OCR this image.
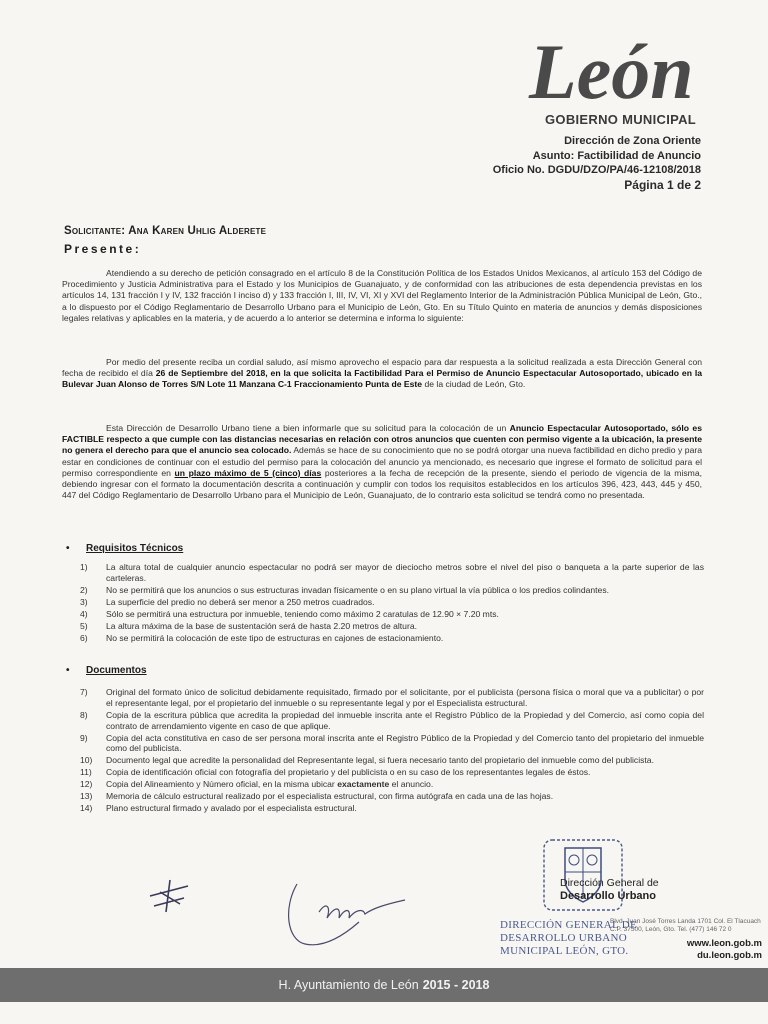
León
GOBIERNO MUNICIPAL
Dirección de Zona Oriente
Asunto: Factibilidad de Anuncio
Oficio No. DGDU/DZO/PA/46-12108/2018
Página 1 de 2
Solicitante: Ana Karen Uhlig Alderete
Presente:
Atendiendo a su derecho de petición consagrado en el artículo 8 de la Constitución Política de los Estados Unidos Mexicanos, al artículo 153 del Código de Procedimiento y Justicia Administrativa para el Estado y los Municipios de Guanajuato, y de conformidad con las atribuciones de esta dependencia previstas en los artículos 14, 131 fracción I y IV, 132 fracción I inciso d) y 133 fracción I, III, IV, VI, XI y XVI del Reglamento Interior de la Administración Pública Municipal de León, Gto., a lo dispuesto por el Código Reglamentario de Desarrollo Urbano para el Municipio de León, Gto. En su Título Quinto en materia de anuncios y demás disposiciones legales relativas y aplicables en la materia, y de acuerdo a lo anterior se determina e informa lo siguiente:
Por medio del presente reciba un cordial saludo, así mismo aprovecho el espacio para dar respuesta a la solicitud realizada a esta Dirección General con fecha de recibido el día 26 de Septiembre del 2018, en la que solicita la Factibilidad Para el Permiso de Anuncio Espectacular Autosoportado, ubicado en la Bulevar Juan Alonso de Torres S/N Lote 11 Manzana C-1 Fraccionamiento Punta de Este de la ciudad de León, Gto.
Esta Dirección de Desarrollo Urbano tiene a bien informarle que su solicitud para la colocación de un Anuncio Espectacular Autosoportado, sólo es FACTIBLE respecto a que cumple con las distancias necesarias en relación con otros anuncios que cuenten con permiso vigente a la ubicación, la presente no genera el derecho para que el anuncio sea colocado. Además se hace de su conocimiento que no se podrá otorgar una nueva factibilidad en dicho predio y para estar en condiciones de continuar con el estudio del permiso para la colocación del anuncio ya mencionado, es necesario que ingrese el formato de solicitud para el permiso correspondiente en un plazo máximo de 5 (cinco) días posteriores a la fecha de recepción de la presente, siendo el periodo de vigencia de la misma, debiendo ingresar con el formato la documentación descrita a continuación y cumplir con todos los requisitos establecidos en los artículos 396, 423, 443, 445 y 450, 447 del Código Reglamentario de Desarrollo Urbano para el Municipio de León, Guanajuato, de lo contrario esta solicitud se tendrá como no presentada.
• Requisitos Técnicos
1) La altura total de cualquier anuncio espectacular no podrá ser mayor de dieciocho metros sobre el nivel del piso o banqueta a la parte superior de las carteleras.
2) No se permitirá que los anuncios o sus estructuras invadan físicamente o en su plano virtual la vía pública o los predios colindantes.
3) La superficie del predio no deberá ser menor a 250 metros cuadrados.
4) Sólo se permitirá una estructura por inmueble, teniendo como máximo 2 caratulas de 12.90 × 7.20 mts.
5) La altura máxima de la base de sustentación será de hasta 2.20 metros de altura.
6) No se permitirá la colocación de este tipo de estructuras en cajones de estacionamiento.
• Documentos
7) Original del formato único de solicitud debidamente requisitado, firmado por el solicitante, por el publicista (persona física o moral que va a publicitar) o por el representante legal, por el propietario del inmueble o su representante legal y por el Especialista estructural.
8) Copia de la escritura pública que acredita la propiedad del inmueble inscrita ante el Registro Público de la Propiedad y del Comercio, así como copia del contrato de arrendamiento vigente en caso de que aplique.
9) Copia del acta constitutiva en caso de ser persona moral inscrita ante el Registro Público de la Propiedad y del Comercio tanto del propietario del inmueble como del publicista.
10) Documento legal que acredite la personalidad del Representante legal, si fuera necesario tanto del propietario del inmueble como del publicista.
11) Copia de identificación oficial con fotografía del propietario y del publicista o en su caso de los representantes legales de éstos.
12) Copia del Alineamiento y Número oficial, en la misma ubicar exactamente el anuncio.
13) Memoria de cálculo estructural realizado por el especialista estructural, con firma autógrafa en cada una de las hojas.
14) Plano estructural firmado y avalado por el especialista estructural.
Dirección General de
Desarrollo Urbano
DIRECCIÓN GENERAL DE
DESARROLLO URBANO
MUNICIPAL LEÓN, GTO.
Blvd. Juan José Torres Landa 1701 Col. El Tlacuach
C.P. 37500, León, Gto. Tel. (477) 146 72 0
www.leon.gob.m
du.leon.gob.m
H. Ayuntamiento de León 2015 - 2018
